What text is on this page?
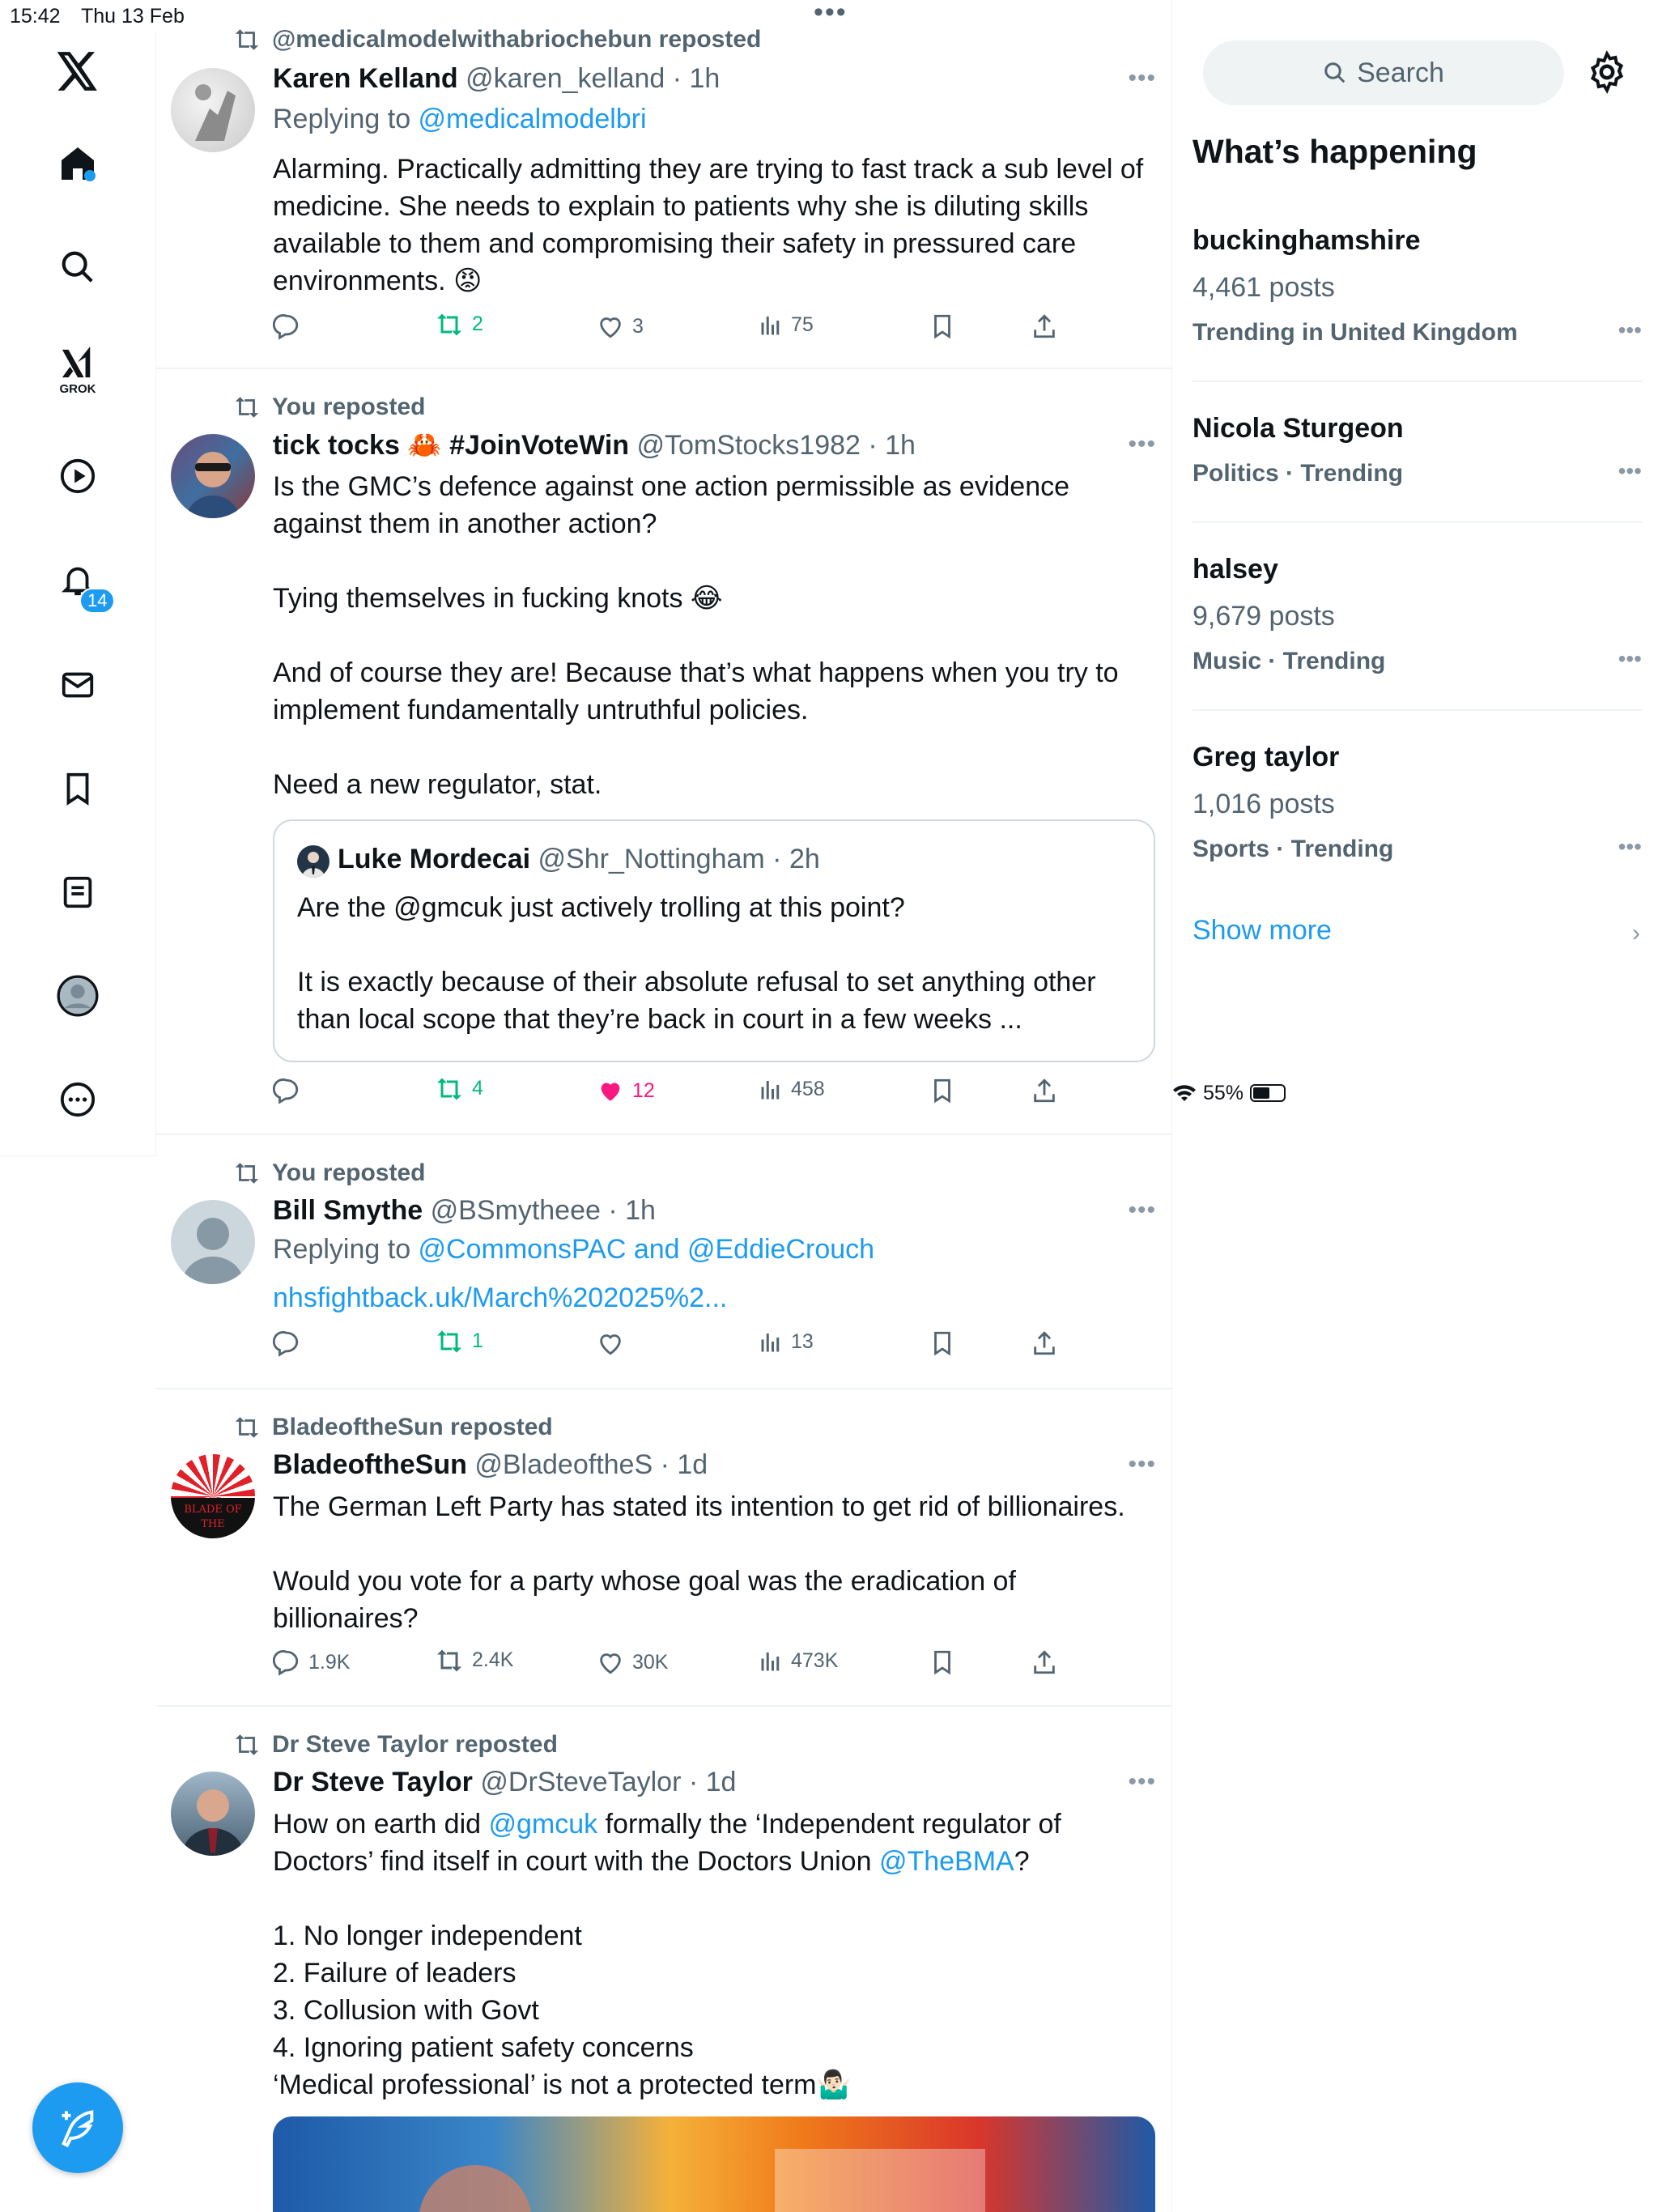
15:42 Thu 13 Feb	•••
55%
GROK
14
@medicalmodelwithabriochebun reposted
Karen Kelland @karen_kelland · 1h	•••
Replying to @medicalmodelbri
Alarming. Practically admitting they are trying to fast track a sub level of medicine. She needs to explain to patients why she is diluting skills available to them and compromising their safety in pressured care environments. 😡
2	3	75
You reposted
tick tocks 🦀 #JoinVoteWin @TomStocks1982 · 1h	•••
Is the GMC’s defence against one action permissible as evidence against them in another action?
Tying themselves in fucking knots 😂
And of course they are! Because that’s what happens when you try to implement fundamentally untruthful policies.
Need a new regulator, stat.
Luke Mordecai @Shr_Nottingham · 2h
Are the @gmcuk just actively trolling at this point?
It is exactly because of their absolute refusal to set anything other than local scope that they’re back in court in a few weeks ...
4	12	458
You reposted
Bill Smythe @BSmytheee · 1h	•••
Replying to @CommonsPAC and @EddieCrouch
nhsfightback.uk/March%202025%2...
1	13
BladeoftheSun reposted
BLADE OF THE
BladeoftheSun @BladeoftheS · 1d	•••
The German Left Party has stated its intention to get rid of billionaires.
Would you vote for a party whose goal was the eradication of billionaires?
1.9K	2.4K	30K	473K
Dr Steve Taylor reposted
Dr Steve Taylor @DrSteveTaylor · 1d	•••
How on earth did @gmcuk formally the ‘Independent regulator of Doctors’ find itself in court with the Doctors Union @TheBMA?
1. No longer independent
2. Failure of leaders
3. Collusion with Govt
4. Ignoring patient safety concerns
‘Medical professional’ is not a protected term🤷🏻‍♂️
Search
What’s happening
buckinghamshire
4,461 posts
Trending in United Kingdom	•••
Nicola Sturgeon
Politics · Trending	•••
halsey
9,679 posts
Music · Trending	•••
Greg taylor
1,016 posts
Sports · Trending	•••
Show more	›
